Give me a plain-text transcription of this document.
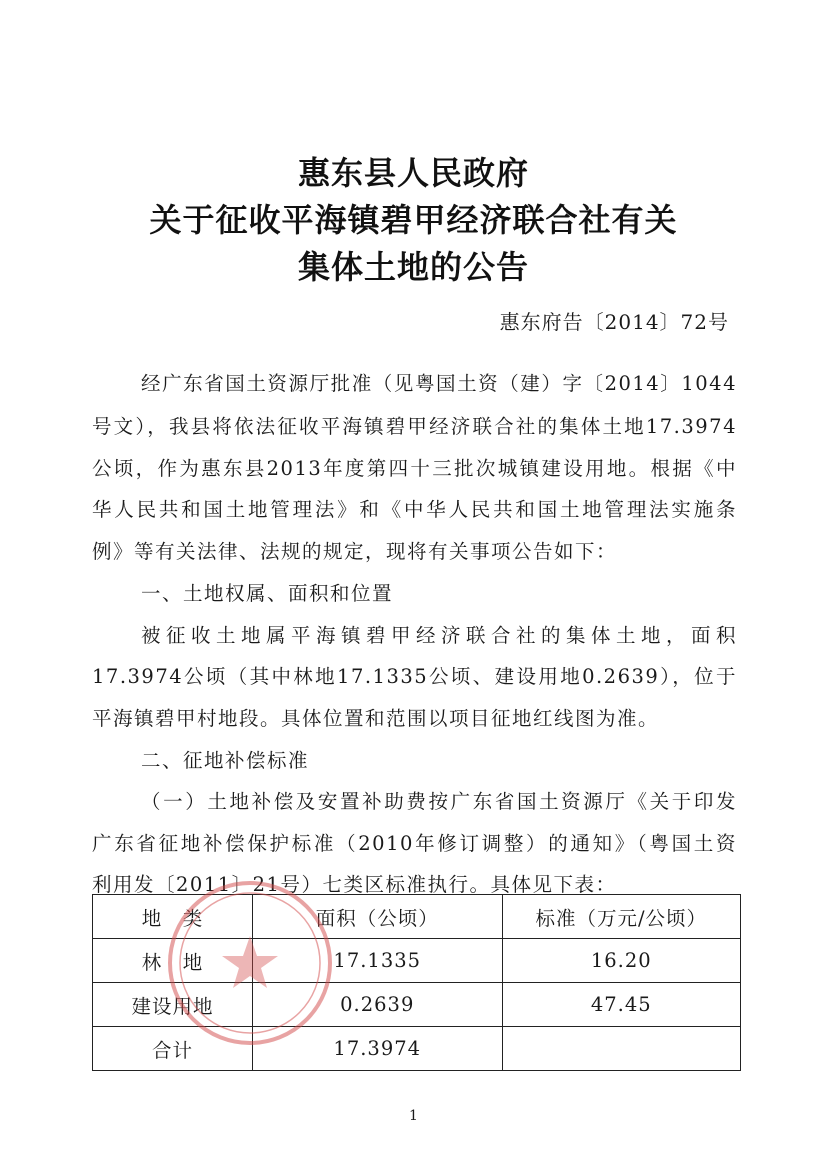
惠东县人民政府
关于征收平海镇碧甲经济联合社有关
集体土地的公告
惠东府告〔2014〕72号
经广东省国土资源厅批准（见粤国土资（建）字〔2014〕1044
号文），我县将依法征收平海镇碧甲经济联合社的集体土地17.3974
公顷，作为惠东县2013年度第四十三批次城镇建设用地。根据《中
华人民共和国土地管理法》和《中华人民共和国土地管理法实施条
例》等有关法律、法规的规定，现将有关事项公告如下：
一、土地权属、面积和位置
被征收土地属平海镇碧甲经济联合社的集体土地，面积
17.3974公顷（其中林地17.1335公顷、建设用地0.2639），位于
平海镇碧甲村地段。具体位置和范围以项目征地红线图为准。
二、征地补偿标准
（一）土地补偿及安置补助费按广东省国土资源厅《关于印发
广东省征地补偿保护标准（2010年修订调整）的通知》（粤国土资
利用发〔2011〕21号）七类区标准执行。具体见下表：
地　类	面积（公顷）	标准（万元/公顷）
林　地	17.1335	16.20
建设用地	0.2639	47.45
合计	17.3974	
1
